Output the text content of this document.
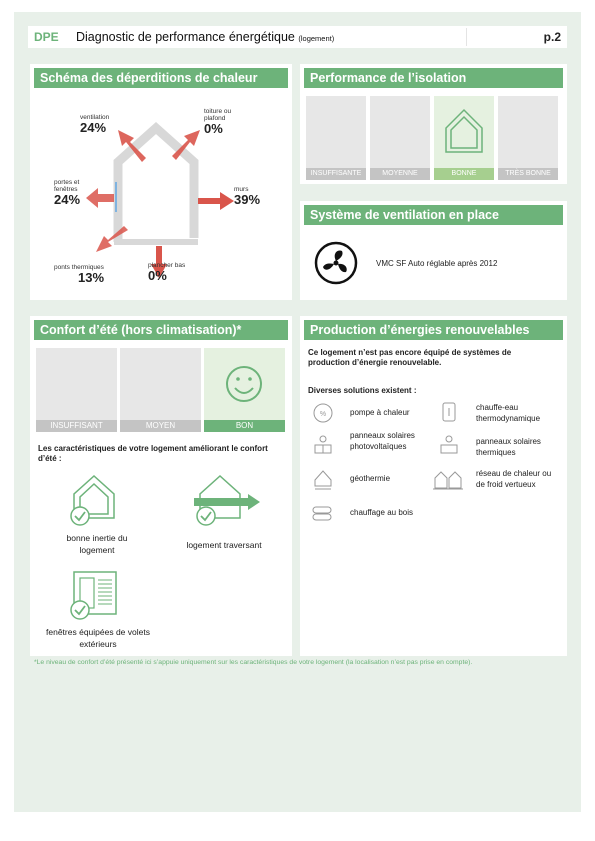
DPE	Diagnostic de performance énergétique (logement)	p.2
Schéma des déperditions de chaleur
ventilation
24%
toiture ou plafond
0%
portes et fenêtres
24%
murs
39%
ponts thermiques
13%
plancher bas
0%
Performance de l’isolation
INSUFFISANTE	MOYENNE	BONNE	TRÈS BONNE
Système de ventilation en place
VMC SF Auto réglable après 2012
Confort d’été (hors climatisation)*
INSUFFISANT	MOYEN	BON
Les caractéristiques de votre logement améliorant le confort d’été :
bonne inertie du logement	logement traversant
fenêtres équipées de volets extérieurs
Production d’énergies renouvelables
Ce logement n’est pas encore équipé de systèmes de production d’énergie renouvelable.
Diverses solutions existent :
%	pompe à chaleur
chauffe-eau thermodynamique
panneaux solaires photovoltaïques
panneaux solaires thermiques
géothermie
réseau de chaleur ou de froid vertueux
chauffage au bois
*Le niveau de confort d’été présenté ici s’appuie uniquement sur les caractéristiques de votre logement (la localisation n’est pas prise en compte).
